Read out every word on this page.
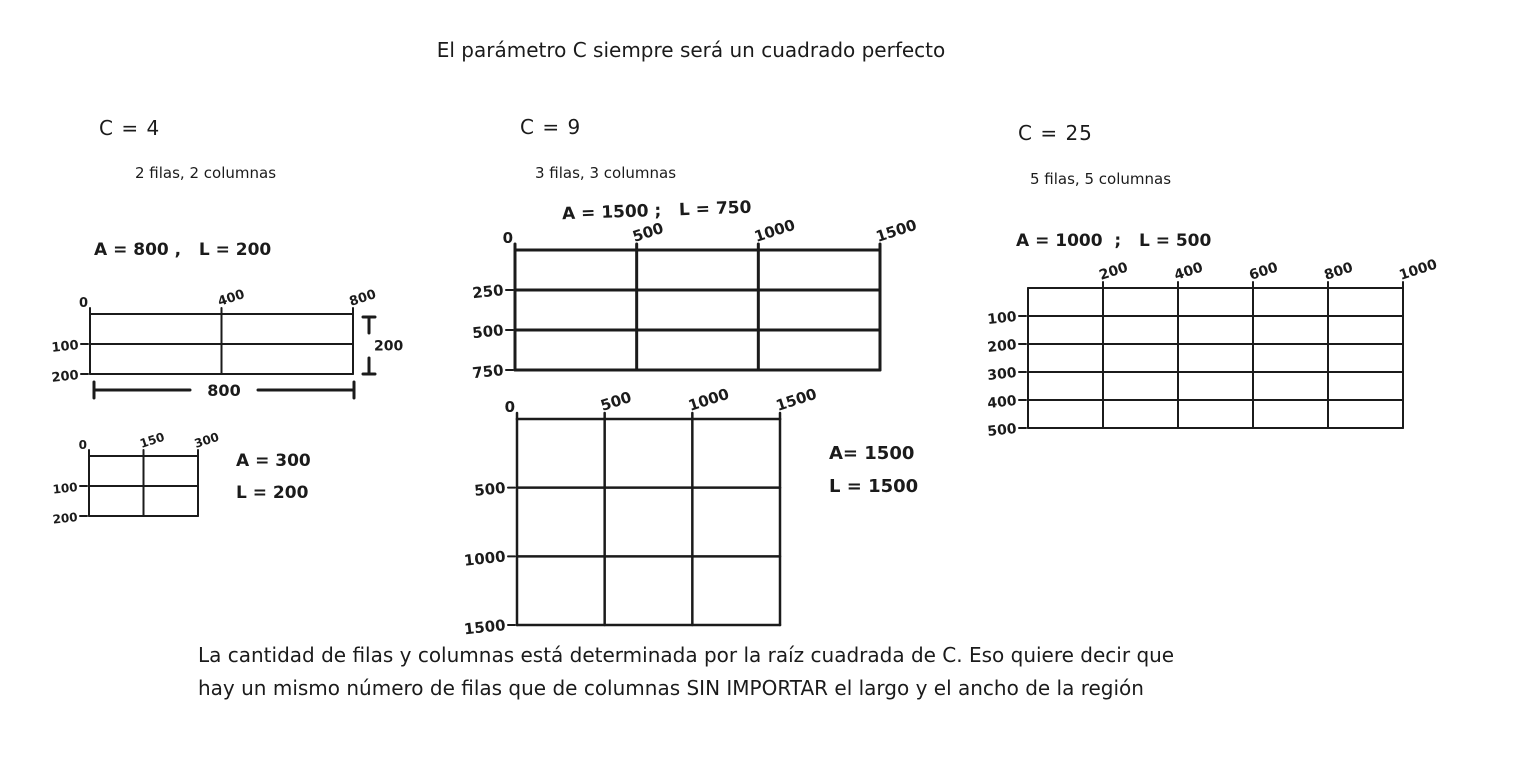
El parámetro C siempre será un cuadrado perfecto
C = 4
2 filas, 2 columnas
A = 800 ,   L = 200
C = 9
3 filas, 3 columnas
A = 1500 ;   L = 750
C = 25
5 filas, 5 columnas
A = 1000  ;   L = 500
A = 300
L = 200
A= 1500
L = 1500
0	400	800
100
200
800
200
0	150 300
100
200
0	500	1000	1500
250
500
750
0	500	1000	1500
500
1000
1500
200	400	600	800	1000
100
200
300
400
500
La cantidad de filas y columnas está determinada por la raíz cuadrada de C. Eso quiere decir que
hay un mismo número de filas que de columnas SIN IMPORTAR el largo y el ancho de la región
